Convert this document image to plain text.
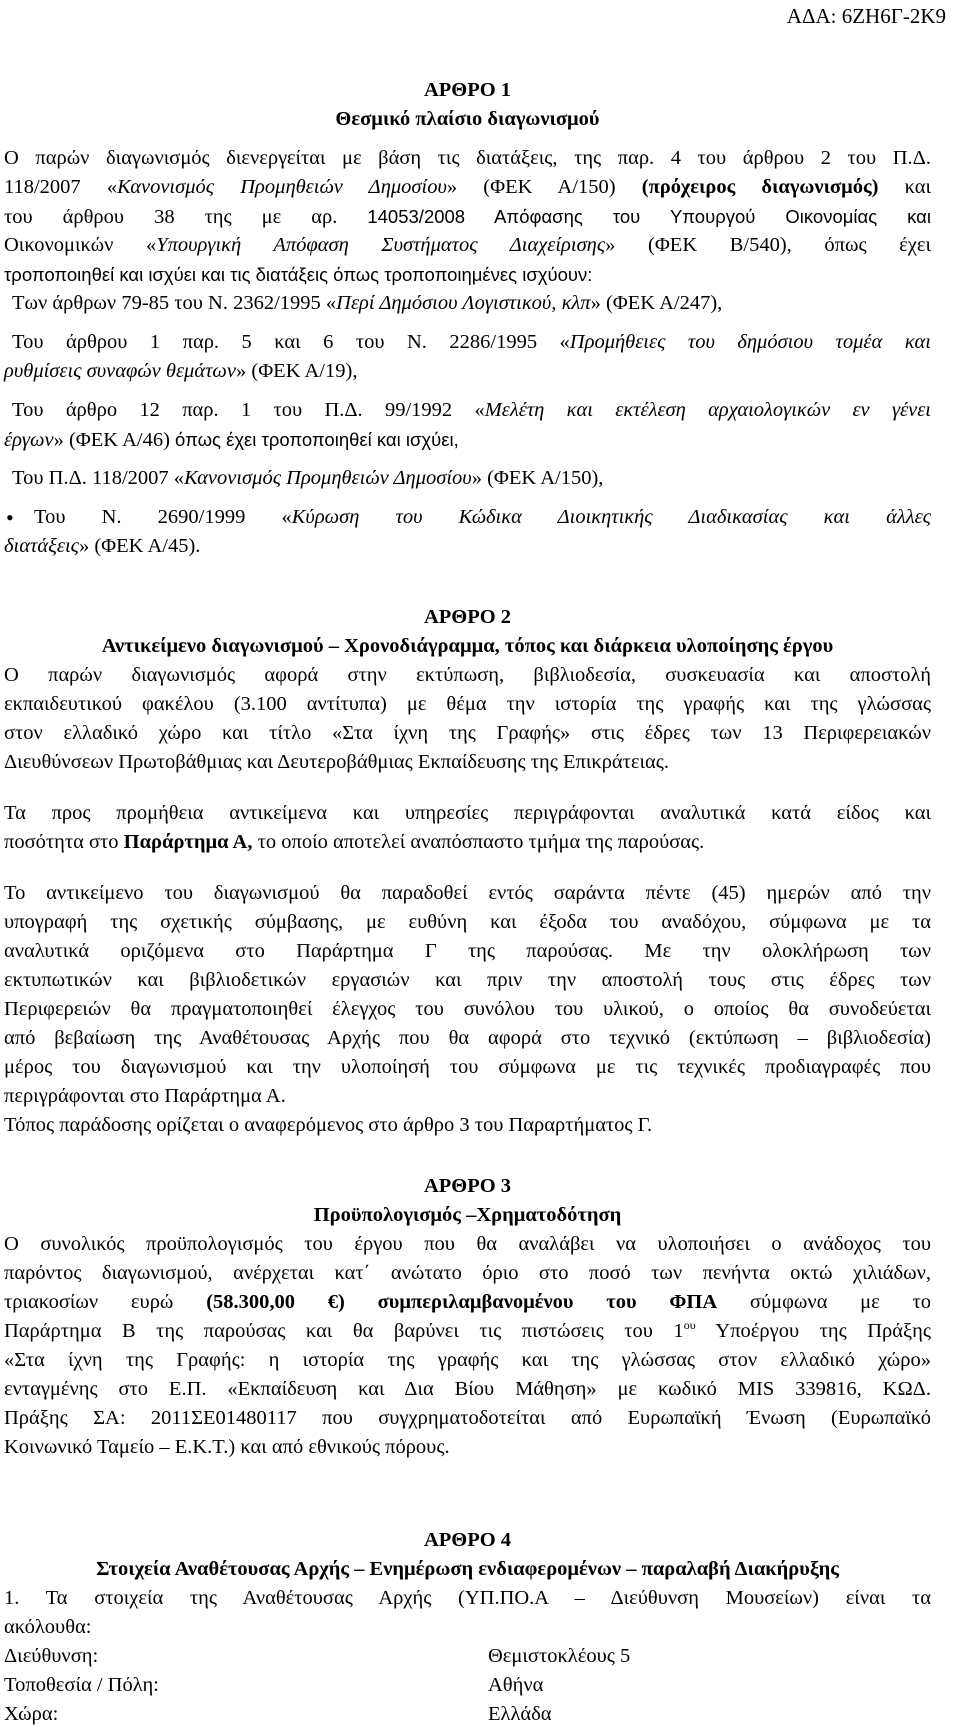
ΑΔΑ: 6ΖΗ6Γ-2Κ9
ΑΡΘΡΟ 1
Θεσμικό πλαίσιο διαγωνισμού
Ο παρών διαγωνισμός διενεργείται με βάση τις διατάξεις, της παρ. 4 του άρθρου 2 του Π.Δ.
118/2007 «Κανονισμός Προμηθειών Δημοσίου» (ΦΕΚ Α/150) (πρόχειρος διαγωνισμός) και
του άρθρου 38 της με αρ. 14053/2008 Απόφασης του Υπουργού Οικονομίας και
Οικονομικών «Υπουργική Απόφαση Συστήματος Διαχείρισης» (ΦΕΚ Β/540), όπως έχει
τροποποιηθεί και ισχύει και τις διατάξεις όπως τροποποιημένες ισχύουν:
Των άρθρων 79-85 του Ν. 2362/1995 «Περί Δημόσιου Λογιστικού, κλπ» (ΦΕΚ Α/247),
Του άρθρου 1 παρ. 5 και 6 του Ν. 2286/1995 «Προμήθειες του δημόσιου τομέα και
ρυθμίσεις συναφών θεμάτων» (ΦΕΚ Α/19),
Του άρθρο 12 παρ. 1 του Π.Δ. 99/1992 «Μελέτη και εκτέλεση αρχαιολογικών εν γένει
έργων» (ΦΕΚ Α/46) όπως έχει τροποποιηθεί και ισχύει,
Του Π.Δ. 118/2007 «Κανονισμός Προμηθειών Δημοσίου» (ΦΕΚ Α/150),
• Του Ν. 2690/1999 «Κύρωση του Κώδικα Διοικητικής Διαδικασίας και άλλες
διατάξεις» (ΦΕΚ Α/45).
ΑΡΘΡΟ 2
Αντικείμενο διαγωνισμού – Χρονοδιάγραμμα, τόπος και διάρκεια υλοποίησης έργου
Ο παρών διαγωνισμός αφορά στην εκτύπωση, βιβλιοδεσία, συσκευασία και αποστολή
εκπαιδευτικού φακέλου (3.100 αντίτυπα) με θέμα την ιστορία της γραφής και της γλώσσας
στον ελλαδικό χώρο και τίτλο «Στα ίχνη της Γραφής» στις έδρες των 13 Περιφερειακών
Διευθύνσεων Πρωτοβάθμιας και Δευτεροβάθμιας Εκπαίδευσης της Επικράτειας.
Τα προς προμήθεια αντικείμενα και υπηρεσίες περιγράφονται αναλυτικά κατά είδος και
ποσότητα στο Παράρτημα Α, το οποίο αποτελεί αναπόσπαστο τμήμα της παρούσας.
Το αντικείμενο του διαγωνισμού θα παραδοθεί εντός σαράντα πέντε (45) ημερών από την
υπογραφή της σχετικής σύμβασης, με ευθύνη και έξοδα του αναδόχου, σύμφωνα με τα
αναλυτικά οριζόμενα στο Παράρτημα Γ της παρούσας. Με την ολοκλήρωση των
εκτυπωτικών και βιβλιοδετικών εργασιών και πριν την αποστολή τους στις έδρες των
Περιφερειών θα πραγματοποιηθεί έλεγχος του συνόλου του υλικού, ο οποίος θα συνοδεύεται
από βεβαίωση της Αναθέτουσας Αρχής που θα αφορά στο τεχνικό (εκτύπωση – βιβλιοδεσία)
μέρος του διαγωνισμού και την υλοποίησή του σύμφωνα με τις τεχνικές προδιαγραφές που
περιγράφονται στο Παράρτημα Α.
Τόπος παράδοσης ορίζεται ο αναφερόμενος στο άρθρο 3 του Παραρτήματος Γ.
ΑΡΘΡΟ 3
Προϋπολογισμός –Χρηματοδότηση
Ο συνολικός προϋπολογισμός του έργου που θα αναλάβει να υλοποιήσει ο ανάδοχος του
παρόντος διαγωνισμού, ανέρχεται κατ΄ ανώτατο όριο στο ποσό των πενήντα οκτώ χιλιάδων,
τριακοσίων ευρώ (58.300,00 €) συμπεριλαμβανομένου του ΦΠΑ σύμφωνα με το
Παράρτημα Β της παρούσας και θα βαρύνει τις πιστώσεις του $1^{o\upsilon}$ Υποέργου της Πράξης
«Στα ίχνη της Γραφής: η ιστορία της γραφής και της γλώσσας στον ελλαδικό χώρο»
ενταγμένης στο Ε.Π. «Εκπαίδευση και Δια Βίου Μάθηση» με κωδικό MIS 339816, ΚΩΔ.
Πράξης ΣΑ: 2011ΣΕ01480117 που συγχρηματοδοτείται από Ευρωπαϊκή Ένωση (Ευρωπαϊκό
Κοινωνικό Ταμείο – Ε.Κ.Τ.) και από εθνικούς πόρους.
ΑΡΘΡΟ 4
Στοιχεία Αναθέτουσας Αρχής – Ενημέρωση ενδιαφερομένων – παραλαβή Διακήρυξης
1. Τα στοιχεία της Αναθέτουσας Αρχής (ΥΠ.ΠΟ.Α – Διεύθυνση Μουσείων) είναι τα
ακόλουθα:
Διεύθυνση:	Θεμιστοκλέους 5
Τοποθεσία / Πόλη:	Αθήνα
Χώρα:	Ελλάδα
